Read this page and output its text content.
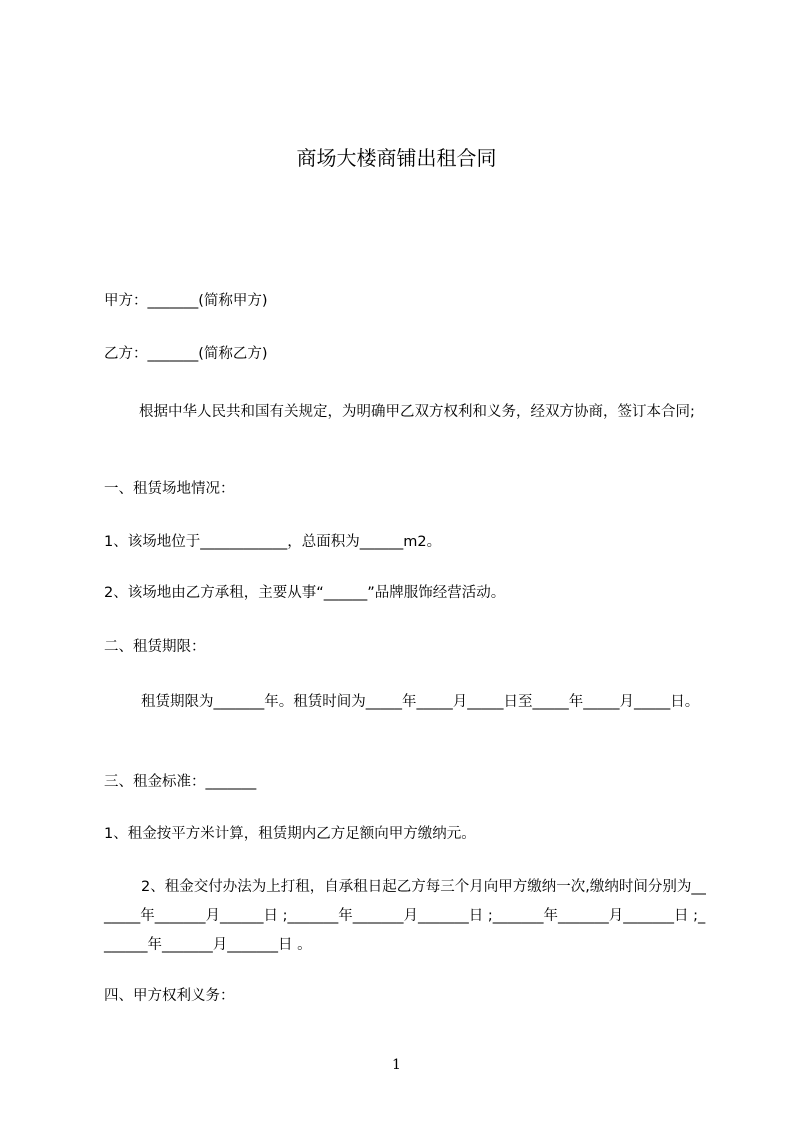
商场大楼商铺出租合同
甲方：_______(简称甲方)
乙方：_______(简称乙方)
根据中华人民共和国有关规定，为明确甲乙双方权利和义务，经双方协商，签订本合同;
一、租赁场地情况：
1、该场地位于____________，总面积为______m2。
2、该场地由乙方承租，主要从事“______”品牌服饰经营活动。
二、租赁期限：
租赁期限为_______年。租赁时间为_____年_____月_____日至_____年_____月_____日。
三、租金标准：_______
1、租金按平方米计算，租赁期内乙方足额向甲方缴纳元。
2、租金交付办法为上打租，自承租日起乙方每三个月向甲方缴纳一次,缴纳时间分别为_______年_______月______日 ;_______年_______月_______日 ;_______年_______月_______日 ;_______年_______月_______日 。
四、甲方权利义务：
1
